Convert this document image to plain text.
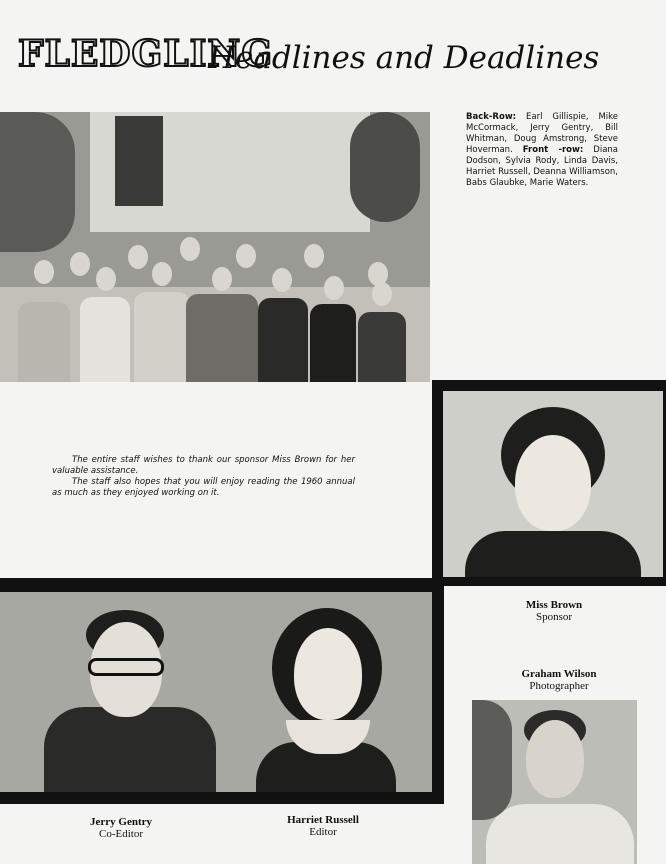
FLEDGLING
Headlines and Deadlines
Back-Row: Earl Gillispie, Mike McCormack, Jerry Gentry, Bill Whitman, Doug Amstrong, Steve Hoverman. Front -row: Diana Dodson, Sylvia Rody, Linda Davis, Harriet Russell, Deanna Williamson, Babs Glaubke, Marie Waters.

The entire staff wishes to thank our sponsor Miss Brown for her valuable assistance.

The staff also hopes that you will enjoy reading the 1960 annual as much as they enjoyed working on it.

Miss Brown
Sponsor
Graham Wilson
Photographer
Jerry Gentry
Co-Editor
Harriet Russell
Editor
